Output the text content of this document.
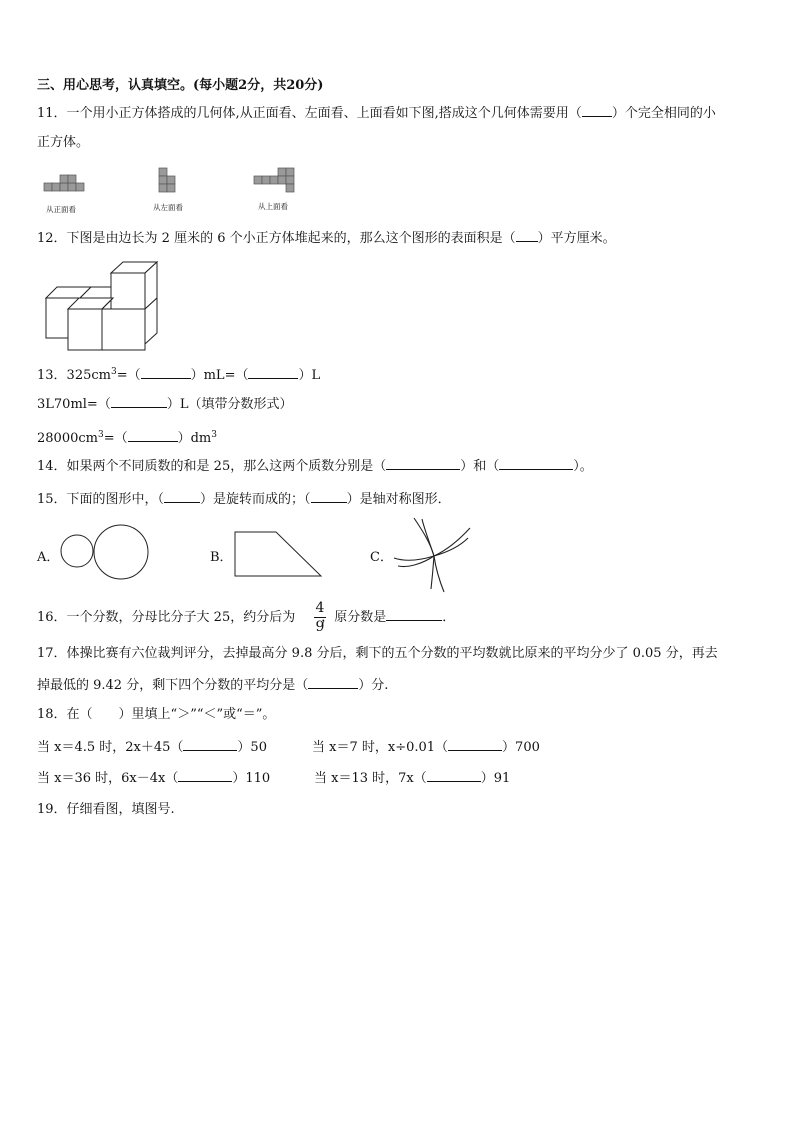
三、用心思考，认真填空。(每小题2分，共20分)
11．一个用小正方体搭成的几何体,从正面看、左面看、上面看如下图,搭成这个几何体需要用（ ）个完全相同的小
正方体。
从正面看	从左面看	从上面看
12．下图是由边长为 2 厘米的 6 个小正方体堆起来的，那么这个图形的表面积是（ ）平方厘米。
13．$325cm^3=$（	）mL=（	）L
3L70ml=（	）L（填带分数形式）
$28000cm^3=$（	）$dm^3$
14．如果两个不同质数的和是 25，那么这两个质数分别是（	）和（	）。
15．下面的图形中，（	）是旋转而成的；（	）是轴对称图形．
A．	B．	C．
16．一个分数，分母比分子大 25，约分后为 ，原分数是	．
4
9
17．体操比赛有六位裁判评分，去掉最高分 9.8 分后，剩下的五个分数的平均数就比原来的平均分少了 0.05 分，再去
掉最低的 9.42 分，剩下四个分数的平均分是（	）分.
18．在（　　）里填上“＞”“＜”或“＝”。
当 x＝4.5 时，2x＋45（	）50	当 x＝7 时，x÷0.01（	）700
当 x＝36 时，6x－4x（	）110	当 x＝13 时，7x（	）91
19．仔细看图，填图号.
